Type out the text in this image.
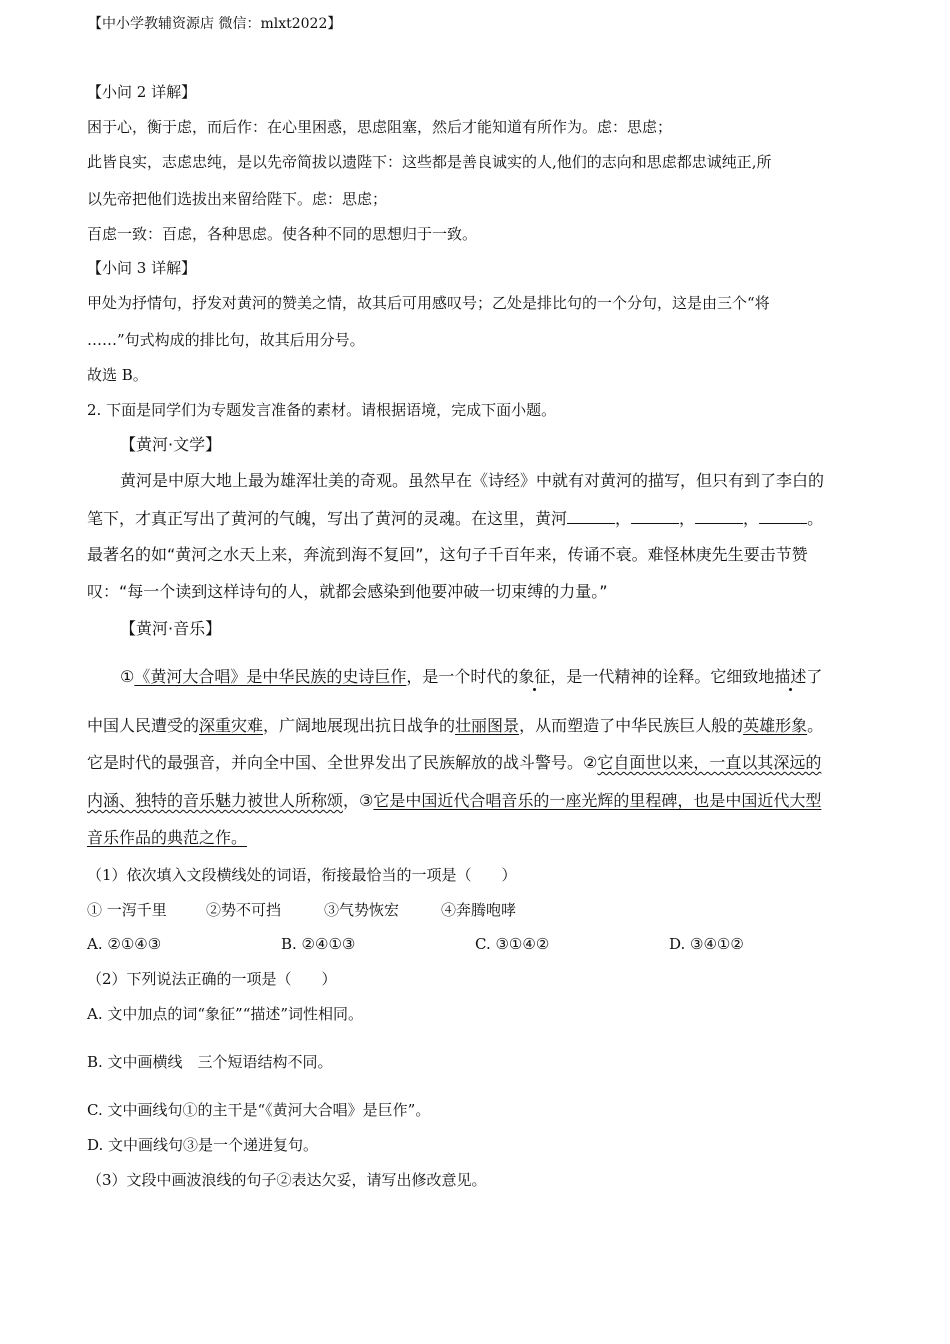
【中小学教辅资源店 微信：mlxt2022】
【小问 2 详解】
困于心，衡于虑，而后作：在心里困惑，思虑阻塞，然后才能知道有所作为。虑：思虑；
此皆良实，志虑忠纯，是以先帝简拔以遗陛下：这些都是善良诚实的人,他们的志向和思虑都忠诚纯正,所
以先帝把他们选拔出来留给陛下。虑：思虑；
百虑一致：百虑，各种思虑。使各种不同的思想归于一致。
【小问 3 详解】
甲处为抒情句，抒发对黄河的赞美之情，故其后可用感叹号；乙处是排比句的一个分句，这是由三个“将
……”句式构成的排比句，故其后用分号。
故选 B。
2. 下面是同学们为专题发言准备的素材。请根据语境，完成下面小题。
【黄河·文学】
黄河是中原大地上最为雄浑壮美的奇观。虽然早在《诗经》中就有对黄河的描写，但只有到了李白的
笔下，才真正写出了黄河的气魄，写出了黄河的灵魂。在这里，黄河	，	，	，	。
最著名的如“黄河之水天上来，奔流到海不复回”，这句子千百年来，传诵不衰。难怪林庚先生要击节赞
叹：“每一个读到这样诗句的人，就都会感染到他要冲破一切束缚的力量。”
【黄河·音乐】
①《黄河大合唱》是中华民族的史诗巨作，是一个时代的象征，是一代精神的诠释。它细致地描述了
中国人民遭受的深重灾难，广阔地展现出抗日战争的壮丽图景，从而塑造了中华民族巨人般的英雄形象。
它是时代的最强音，并向全中国、全世界发出了民族解放的战斗警号。②它自面世以来，一直以其深远的
内涵、独特的音乐魅力被世人所称颂，③它是中国近代合唱音乐的一座光辉的里程碑，也是中国近代大型
音乐作品的典范之作。
（1）依次填入文段横线处的词语，衔接最恰当的一项是（　　）
① 一泻千里	②势不可挡	③气势恢宏	④奔腾咆哮
A. ②①④③	B. ②④①③	C. ③①④②	D. ③④①②
（2）下列说法正确的一项是（　　）
A. 文中加点的词“象征”“描述”词性相同。
B. 文中画横线　三个短语结构不同。
C. 文中画线句①的主干是“《黄河大合唱》是巨作”。
D. 文中画线句③是一个递进复句。
（3）文段中画波浪线的句子②表达欠妥，请写出修改意见。
